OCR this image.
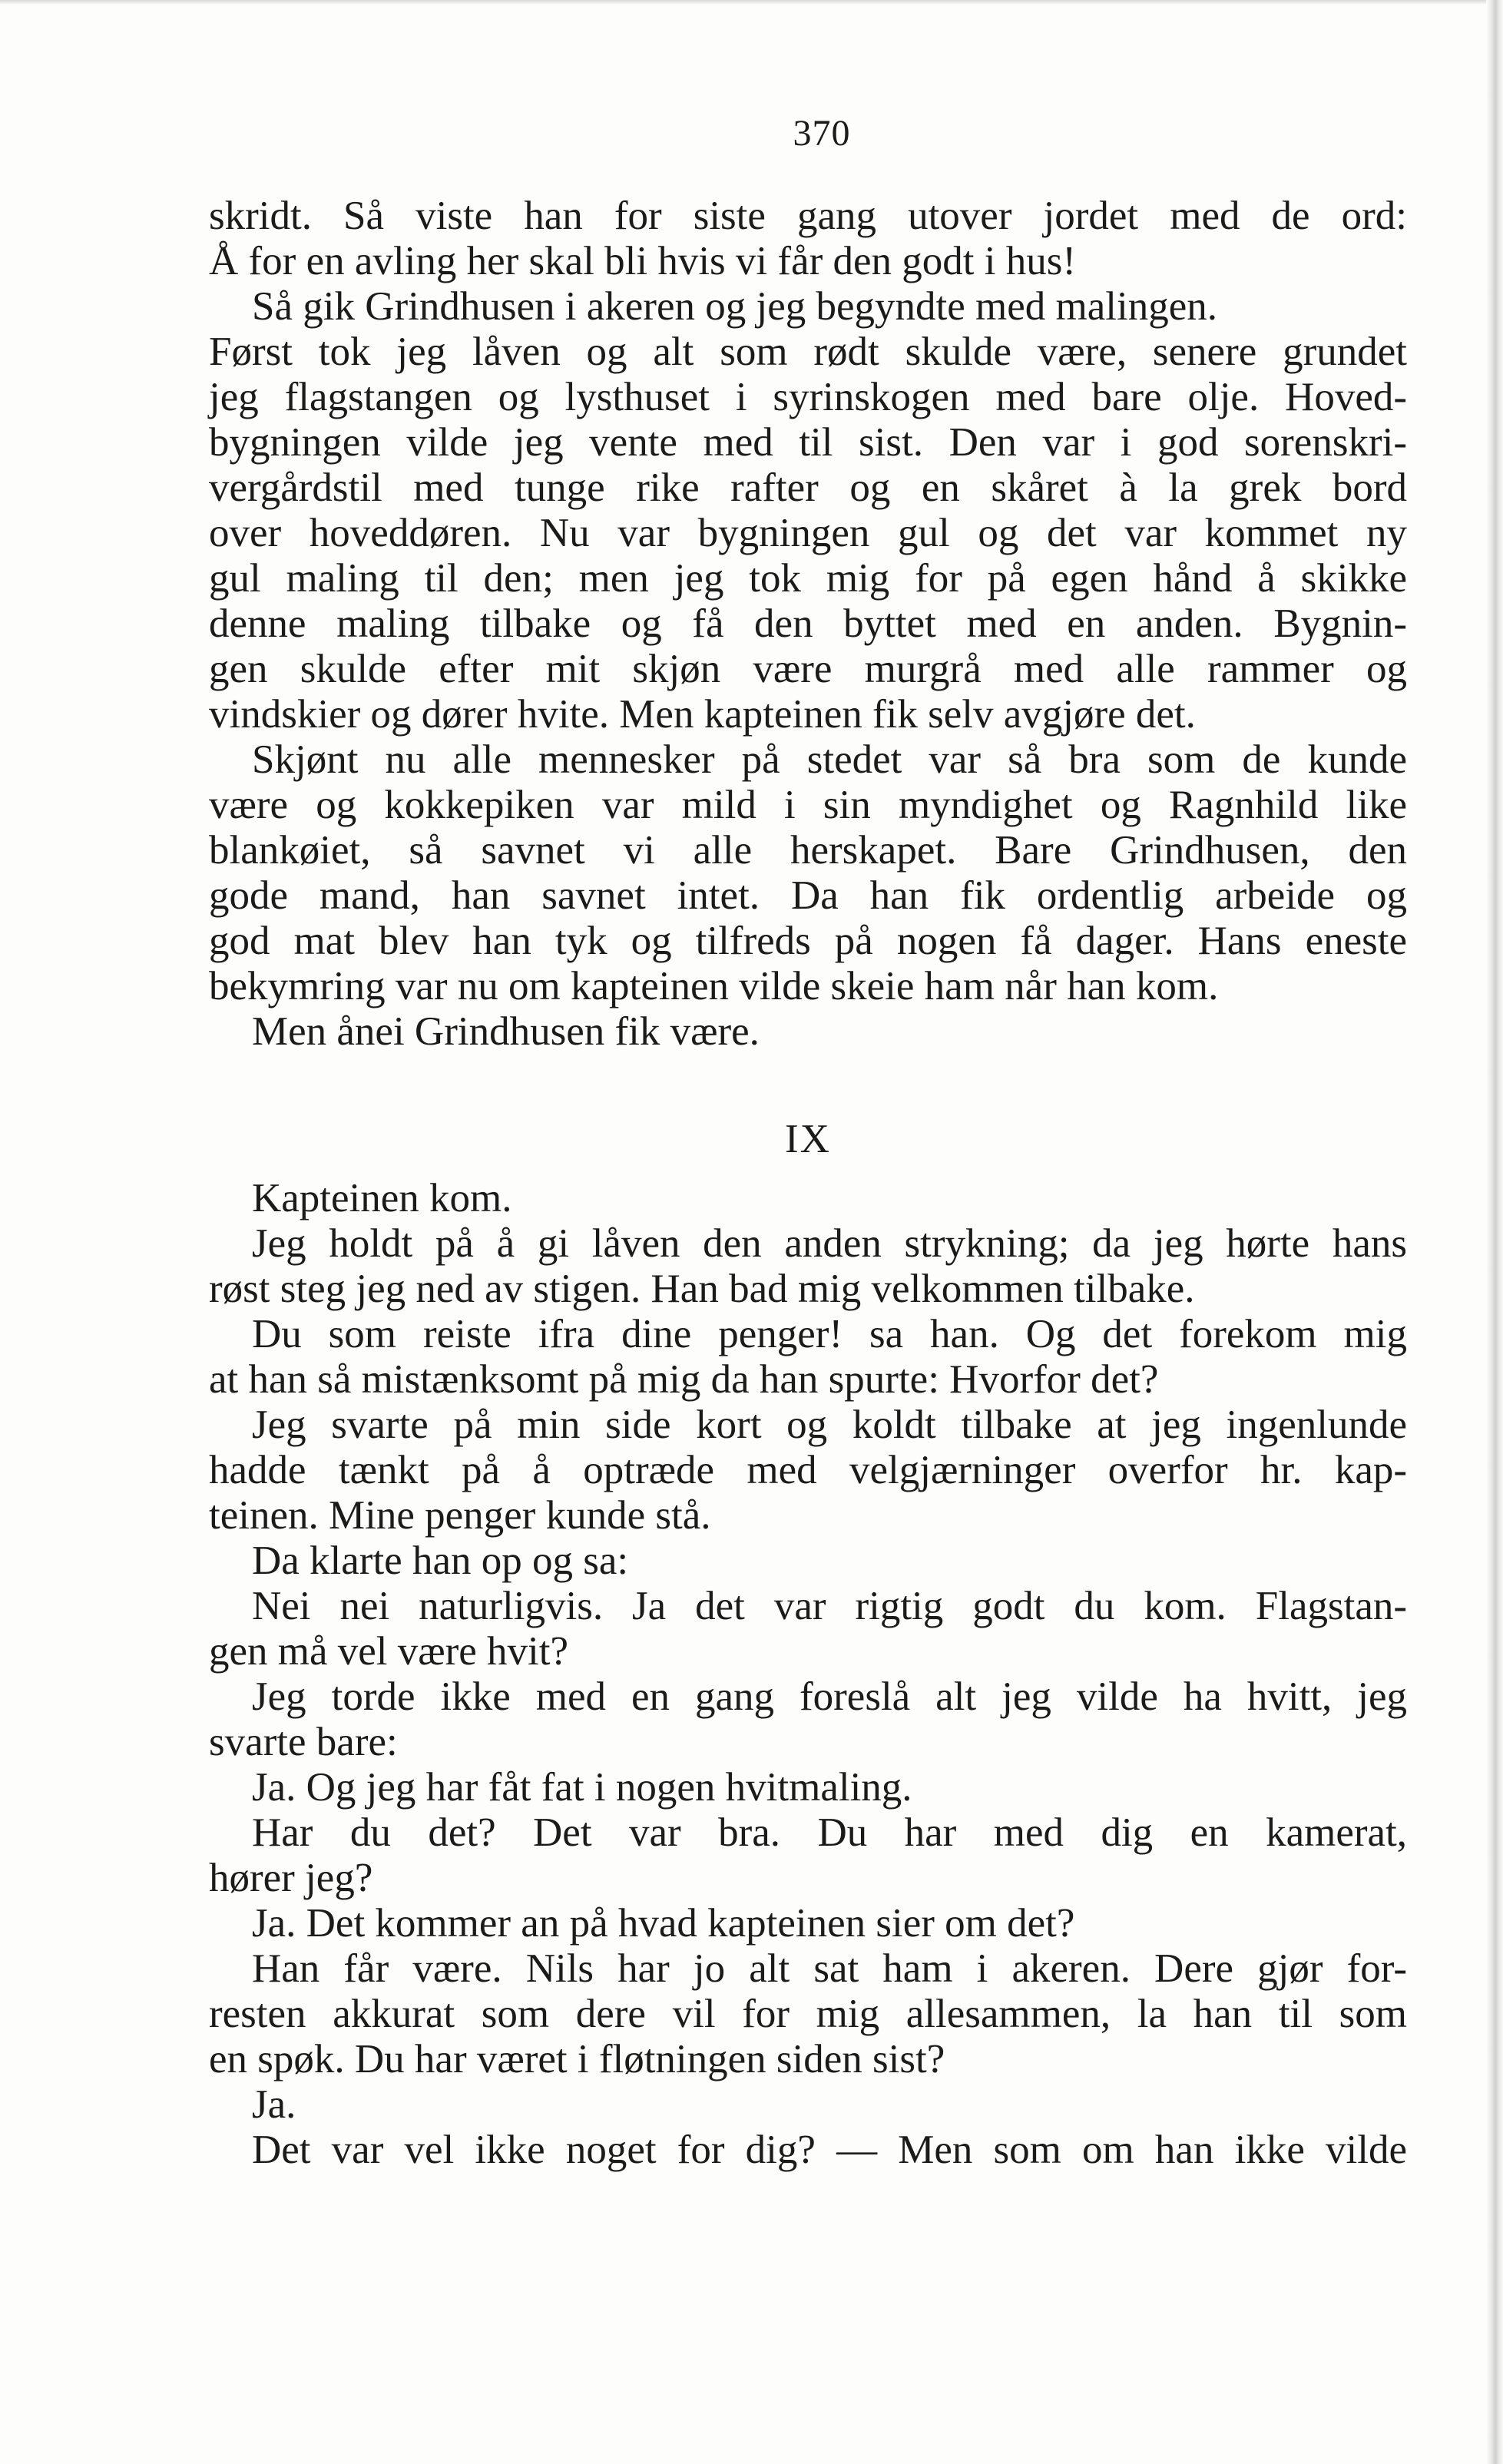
370
skridt. Så viste han for siste gang utover jordet med de ord:
Å for en avling her skal bli hvis vi får den godt i hus!
Så gik Grindhusen i akeren og jeg begyndte med malingen.
Først tok jeg låven og alt som rødt skulde være, senere grundet
jeg flagstangen og lysthuset i syrinskogen med bare olje. Hoved-
bygningen vilde jeg vente med til sist. Den var i god sorenskri-
vergårdstil med tunge rike rafter og en skåret à la grek bord
over hoveddøren. Nu var bygningen gul og det var kommet ny
gul maling til den; men jeg tok mig for på egen hånd å skikke
denne maling tilbake og få den byttet med en anden. Bygnin-
gen skulde efter mit skjøn være murgrå med alle rammer og
vindskier og dører hvite. Men kapteinen fik selv avgjøre det.
Skjønt nu alle mennesker på stedet var så bra som de kunde
være og kokkepiken var mild i sin myndighet og Ragnhild like
blankøiet, så savnet vi alle herskapet. Bare Grindhusen, den
gode mand, han savnet intet. Da han fik ordentlig arbeide og
god mat blev han tyk og tilfreds på nogen få dager. Hans eneste
bekymring var nu om kapteinen vilde skeie ham når han kom.
Men ånei Grindhusen fik være.
IX
Kapteinen kom.
Jeg holdt på å gi låven den anden strykning; da jeg hørte hans
røst steg jeg ned av stigen. Han bad mig velkommen tilbake.
Du som reiste ifra dine penger! sa han. Og det forekom mig
at han så mistænksomt på mig da han spurte: Hvorfor det?
Jeg svarte på min side kort og koldt tilbake at jeg ingenlunde
hadde tænkt på å optræde med velgjærninger overfor hr. kap-
teinen. Mine penger kunde stå.
Da klarte han op og sa:
Nei nei naturligvis. Ja det var rigtig godt du kom. Flagstan-
gen må vel være hvit?
Jeg torde ikke med en gang foreslå alt jeg vilde ha hvitt, jeg
svarte bare:
Ja. Og jeg har fåt fat i nogen hvitmaling.
Har du det? Det var bra. Du har med dig en kamerat,
hører jeg?
Ja. Det kommer an på hvad kapteinen sier om det?
Han får være. Nils har jo alt sat ham i akeren. Dere gjør for-
resten akkurat som dere vil for mig allesammen, la han til som
en spøk. Du har været i fløtningen siden sist?
Ja.
Det var vel ikke noget for dig? — Men som om han ikke vilde
